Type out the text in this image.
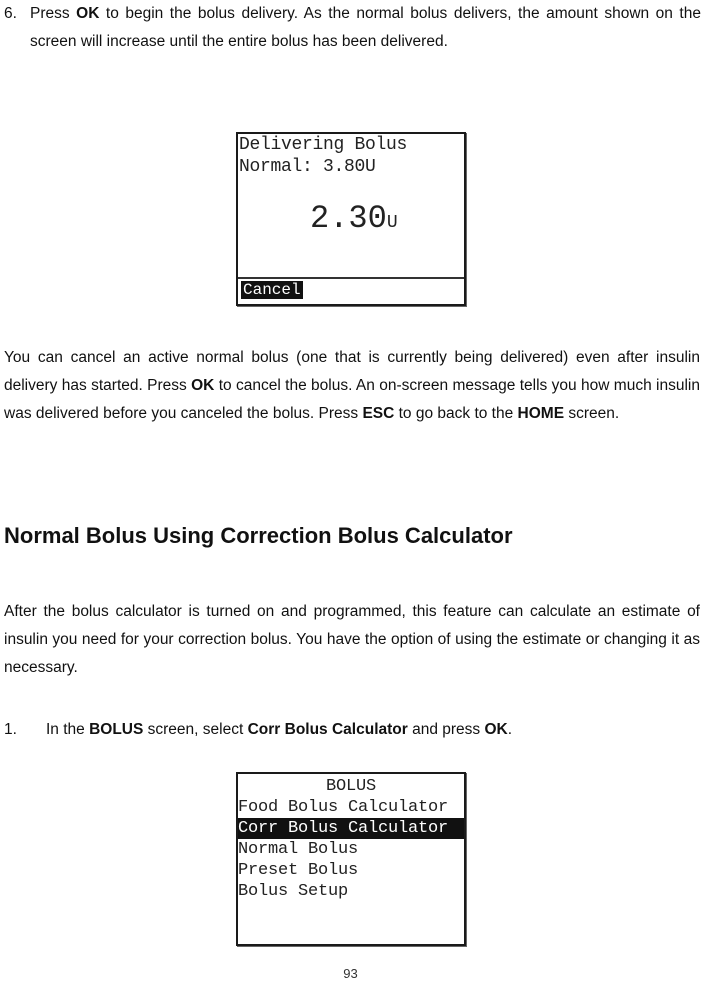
6. Press OK to begin the bolus delivery. As the normal bolus delivers, the amount shown on the screen will increase until the entire bolus has been delivered.
Delivering Bolus
Normal: 3.80U
2.30U
Cancel
You can cancel an active normal bolus (one that is currently being delivered) even after insulin delivery has started. Press OK to cancel the bolus. An on-screen message tells you how much insulin was delivered before you canceled the bolus. Press ESC to go back to the HOME screen.
Normal Bolus Using Correction Bolus Calculator
After the bolus calculator is turned on and programmed, this feature can calculate an estimate of insulin you need for your correction bolus. You have the option of using the estimate or changing it as necessary.
1. In the BOLUS screen, select Corr Bolus Calculator and press OK.
BOLUS
Food Bolus Calculator
Corr Bolus Calculator
Normal Bolus
Preset Bolus
Bolus Setup
93
